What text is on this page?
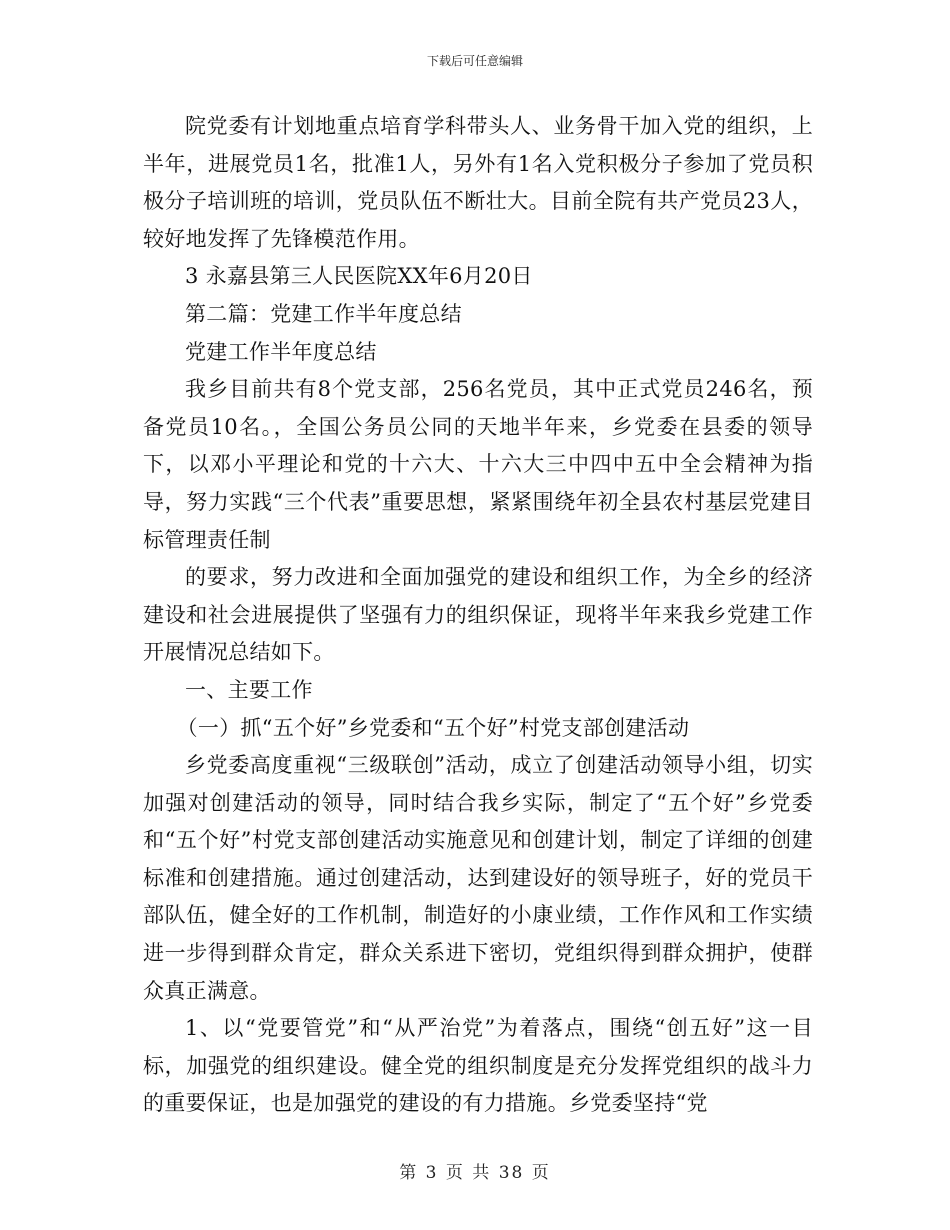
下载后可任意编辑

院党委有计划地重点培育学科带头人、业务骨干加入党的组织，上半年，进展党员1名，批准1人，另外有1名入党积极分子参加了党员积极分子培训班的培训，党员队伍不断壮大。目前全院有共产党员23人，较好地发挥了先锋模范作用。

3 永嘉县第三人民医院XX年6月20日

第二篇：党建工作半年度总结

党建工作半年度总结

我乡目前共有8个党支部，256名党员，其中正式党员246名，预备党员10名。，全国公务员公同的天地半年来，乡党委在县委的领导下，以邓小平理论和党的十六大、十六大三中四中五中全会精神为指导，努力实践“三个代表”重要思想，紧紧围绕年初全县农村基层党建目标管理责任制

的要求，努力改进和全面加强党的建设和组织工作，为全乡的经济建设和社会进展提供了坚强有力的组织保证，现将半年来我乡党建工作开展情况总结如下。

一、主要工作

（一）抓“五个好”乡党委和“五个好”村党支部创建活动

乡党委高度重视“三级联创”活动，成立了创建活动领导小组，切实加强对创建活动的领导，同时结合我乡实际，制定了“五个好”乡党委和“五个好”村党支部创建活动实施意见和创建计划，制定了详细的创建标准和创建措施。通过创建活动，达到建设好的领导班子，好的党员干部队伍，健全好的工作机制，制造好的小康业绩，工作作风和工作实绩进一步得到群众肯定，群众关系进下密切，党组织得到群众拥护，使群众真正满意。

1、以“党要管党”和“从严治党”为着落点，围绕“创五好”这一目标，加强党的组织建设。健全党的组织制度是充分发挥党组织的战斗力的重要保证，也是加强党的建设的有力措施。乡党委坚持“党

第 3 页 共 38 页
